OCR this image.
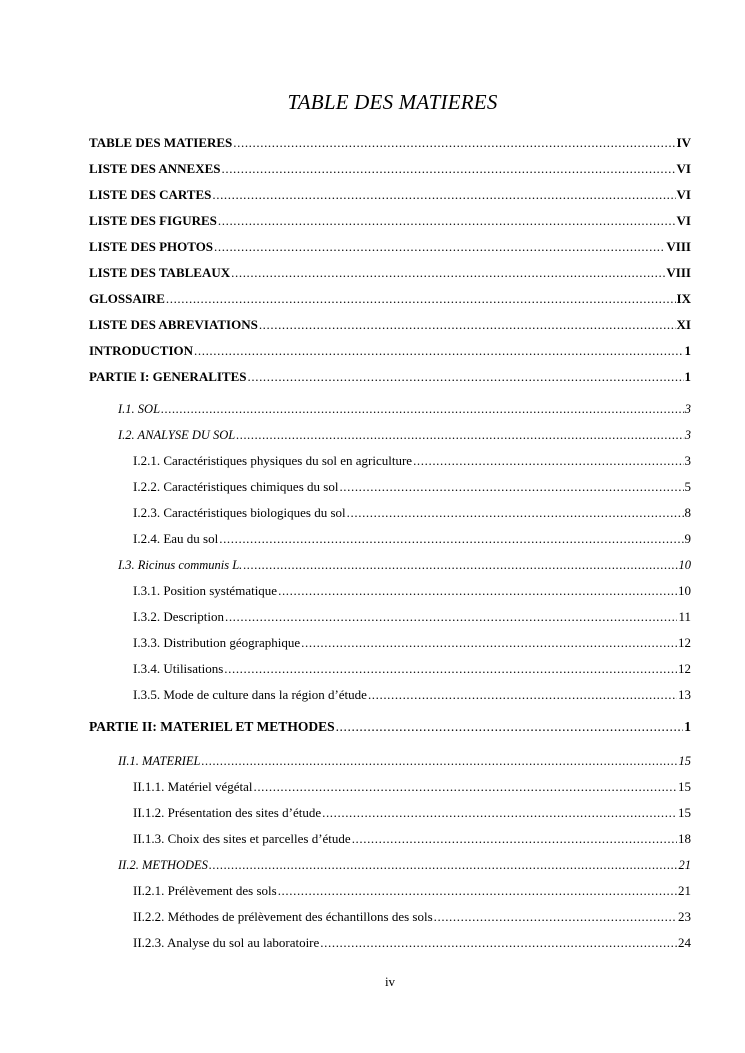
TABLE DES MATIERES
TABLE DES MATIERES .....	IV
LISTE DES ANNEXES .....	VI
LISTE DES CARTES .....	VI
LISTE DES FIGURES .....	VI
LISTE DES PHOTOS .....	VIII
LISTE DES TABLEAUX .....	VIII
GLOSSAIRE .....	IX
LISTE DES ABREVIATIONS .....	XI
INTRODUCTION .....	1
PARTIE I: GENERALITES .....	1
I.1. SOL .....	3
I.2. ANALYSE DU SOL .....	3
I.2.1. Caractéristiques physiques du sol en agriculture .....	3
I.2.2. Caractéristiques chimiques du sol .....	5
I.2.3. Caractéristiques biologiques du sol .....	8
I.2.4. Eau du sol .....	9
I.3. Ricinus communis L. .....	10
I.3.1. Position systématique .....	10
I.3.2. Description .....	11
I.3.3. Distribution géographique .....	12
I.3.4. Utilisations .....	12
I.3.5. Mode de culture dans la région d’étude .....	13
PARTIE II: MATERIEL ET METHODES .....	1
II.1. MATERIEL .....	15
II.1.1. Matériel végétal .....	15
II.1.2. Présentation des sites d’étude .....	15
II.1.3. Choix des sites et parcelles d’étude .....	18
II.2. METHODES .....	21
II.2.1. Prélèvement des sols .....	21
II.2.2. Méthodes de prélèvement des échantillons des sols .....	23
II.2.3. Analyse du sol au laboratoire .....	24
iv
